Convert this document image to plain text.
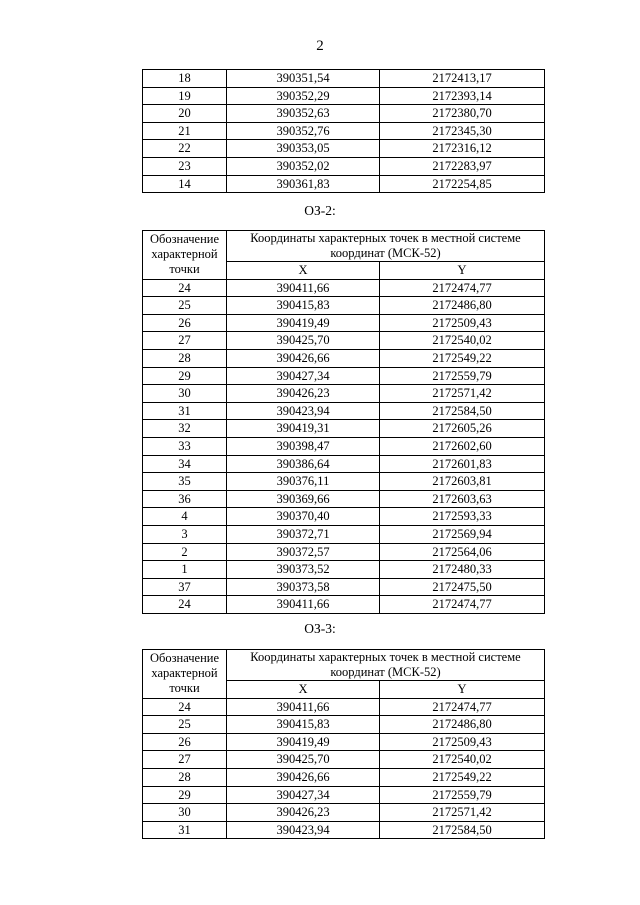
2
18	390351,54	2172413,17
19	390352,29	2172393,14
20	390352,63	2172380,70
21	390352,76	2172345,30
22	390353,05	2172316,12
23	390352,02	2172283,97
14	390361,83	2172254,85
ОЗ-2:
Обозначение характерной точки	Координаты характерных точек в местной системе координат (МСК-52)	
	X	Y
24	390411,66	2172474,77
25	390415,83	2172486,80
26	390419,49	2172509,43
27	390425,70	2172540,02
28	390426,66	2172549,22
29	390427,34	2172559,79
30	390426,23	2172571,42
31	390423,94	2172584,50
32	390419,31	2172605,26
33	390398,47	2172602,60
34	390386,64	2172601,83
35	390376,11	2172603,81
36	390369,66	2172603,63
4	390370,40	2172593,33
3	390372,71	2172569,94
2	390372,57	2172564,06
1	390373,52	2172480,33
37	390373,58	2172475,50
24	390411,66	2172474,77
ОЗ-3:
Обозначение характерной точки	Координаты характерных точек в местной системе координат (МСК-52)	
	X	Y
24	390411,66	2172474,77
25	390415,83	2172486,80
26	390419,49	2172509,43
27	390425,70	2172540,02
28	390426,66	2172549,22
29	390427,34	2172559,79
30	390426,23	2172571,42
31	390423,94	2172584,50
